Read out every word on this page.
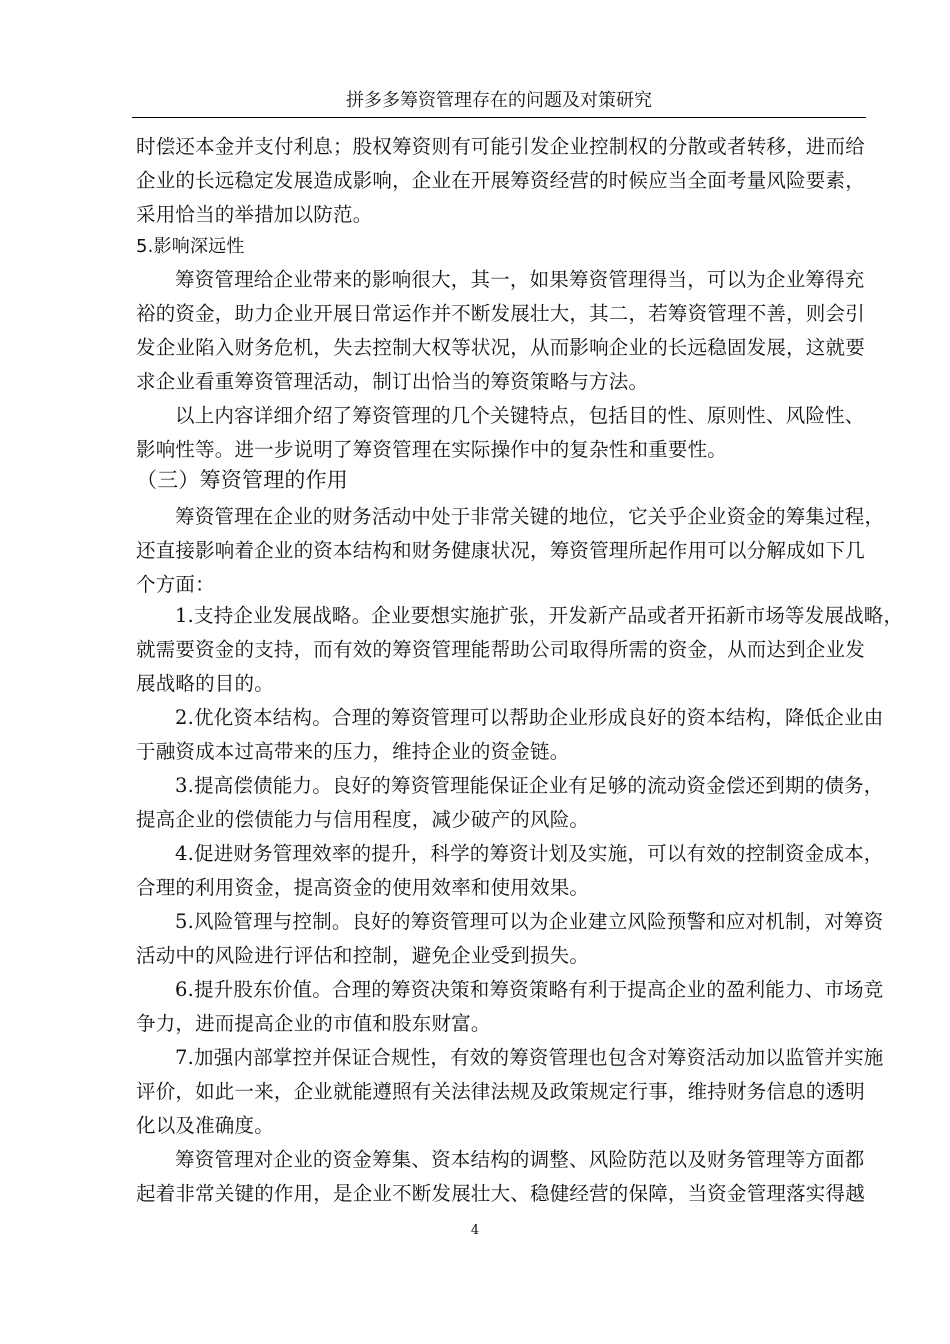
拼多多筹资管理存在的问题及对策研究
时偿还本金并支付利息；股权筹资则有可能引发企业控制权的分散或者转移，进而给
企业的长远稳定发展造成影响，企业在开展筹资经营的时候应当全面考量风险要素，
采用恰当的举措加以防范。
5.影响深远性
筹资管理给企业带来的影响很大，其一，如果筹资管理得当，可以为企业筹得充
裕的资金，助力企业开展日常运作并不断发展壮大，其二，若筹资管理不善，则会引
发企业陷入财务危机，失去控制大权等状况，从而影响企业的长远稳固发展，这就要
求企业看重筹资管理活动，制订出恰当的筹资策略与方法。
以上内容详细介绍了筹资管理的几个关键特点，包括目的性、原则性、风险性、
影响性等。进一步说明了筹资管理在实际操作中的复杂性和重要性。
（三）筹资管理的作用
筹资管理在企业的财务活动中处于非常关键的地位，它关乎企业资金的筹集过程，
还直接影响着企业的资本结构和财务健康状况，筹资管理所起作用可以分解成如下几
个方面：
1.支持企业发展战略。企业要想实施扩张，开发新产品或者开拓新市场等发展战略，
就需要资金的支持，而有效的筹资管理能帮助公司取得所需的资金，从而达到企业发
展战略的目的。
2.优化资本结构。合理的筹资管理可以帮助企业形成良好的资本结构，降低企业由
于融资成本过高带来的压力，维持企业的资金链。
3.提高偿债能力。良好的筹资管理能保证企业有足够的流动资金偿还到期的债务，
提高企业的偿债能力与信用程度，减少破产的风险。
4.促进财务管理效率的提升，科学的筹资计划及实施，可以有效的控制资金成本，
合理的利用资金，提高资金的使用效率和使用效果。
5.风险管理与控制。良好的筹资管理可以为企业建立风险预警和应对机制，对筹资
活动中的风险进行评估和控制，避免企业受到损失。
6.提升股东价值。合理的筹资决策和筹资策略有利于提高企业的盈利能力、市场竞
争力，进而提高企业的市值和股东财富。
7.加强内部掌控并保证合规性，有效的筹资管理也包含对筹资活动加以监管并实施
评价，如此一来，企业就能遵照有关法律法规及政策规定行事，维持财务信息的透明
化以及准确度。
筹资管理对企业的资金筹集、资本结构的调整、风险防范以及财务管理等方面都
起着非常关键的作用，是企业不断发展壮大、稳健经营的保障，当资金管理落实得越
4
